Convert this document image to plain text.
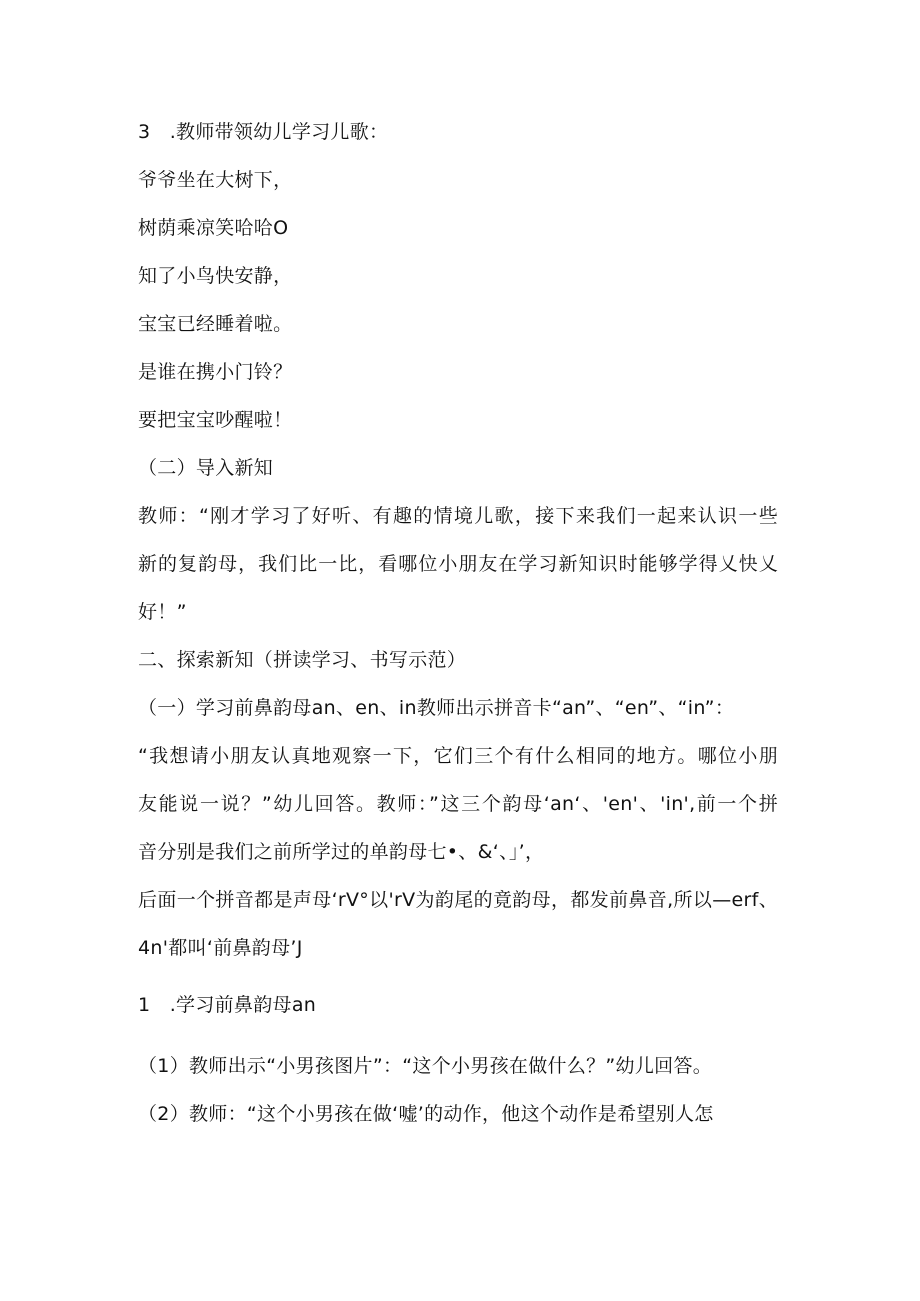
3　.教师带领幼儿学习儿歌：

爷爷坐在大树下，

树荫乘凉笑哈哈O

知了小鸟快安静，

宝宝已经睡着啦。

是谁在携小门铃？

要把宝宝吵醒啦！

（二）导入新知

教师：“刚才学习了好听、有趣的情境儿歌，接下来我们一起来认识一些

新的复韵母，我们比一比，看哪位小朋友在学习新知识时能够学得乂快乂

好！”

二、探索新知（拼读学习、书写示范）

（一）学习前鼻韵母an、en、in教师出示拼音卡“an”、“en”、“in”：

“我想请小朋友认真地观察一下，它们三个有什么相同的地方。哪位小朋

友能说一说？”幼儿回答。教师：”这三个韵母‘an‘、'en'、'in',前一个拼

音分别是我们之前所学过的单韵母七•、&‘、」’，

后面一个拼音都是声母‘rV°以'rV为韵尾的竟韵母，都发前鼻音,所以—erf、

4n'都叫‘前鼻韵母’J

1　.学习前鼻韵母an

（1）教师出示“小男孩图片”：“这个小男孩在做什么？”幼儿回答。

（2）教师：“这个小男孩在做‘嘘’的动作，他这个动作是希望别人怎
